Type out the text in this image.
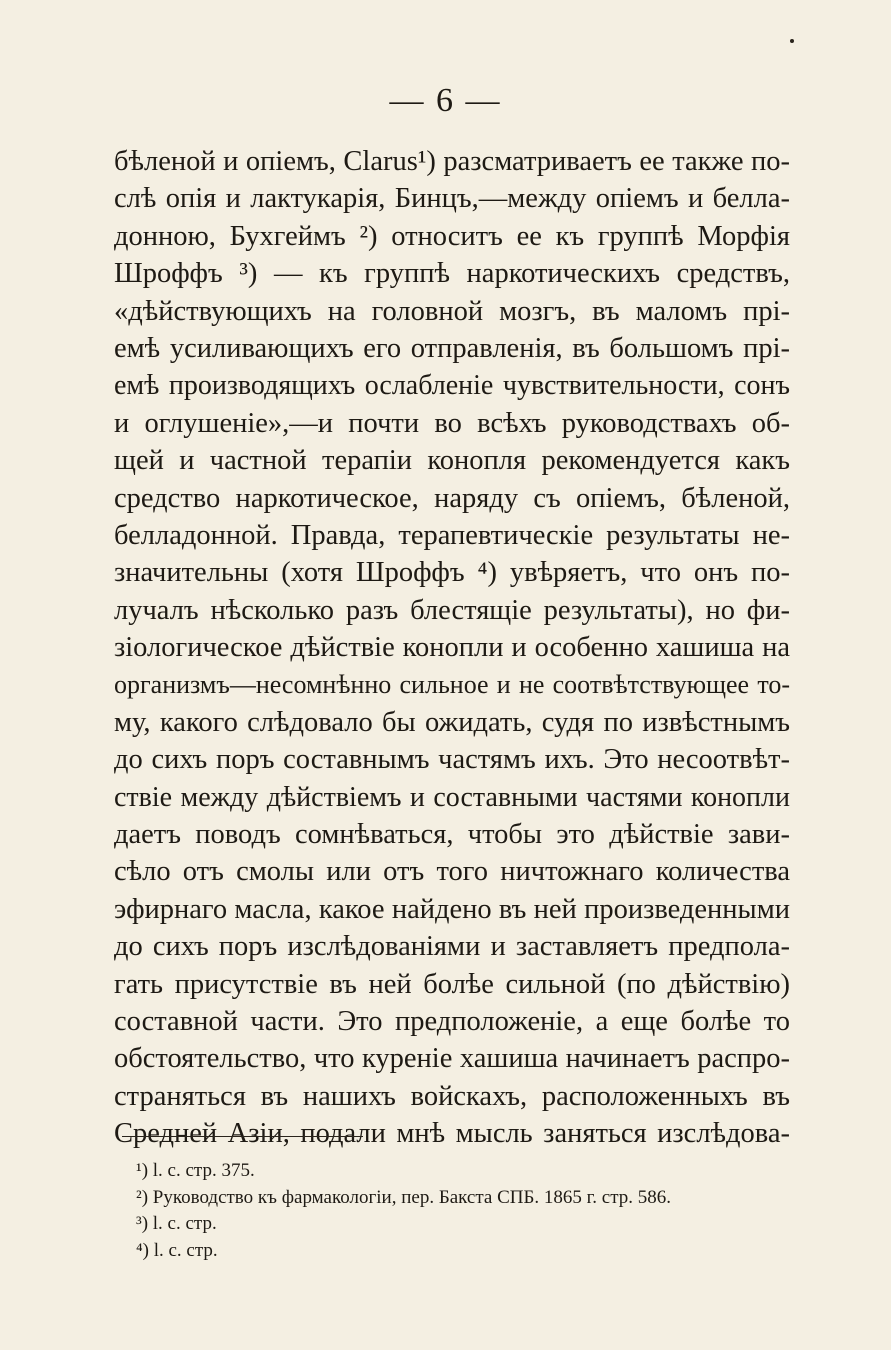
— 6 —
бѣленой и опіемъ, Clarus¹) разсматриваетъ ее также по-
слѣ опія и лактукарія, Бинцъ,—между опіемъ и белла-
донною, Бухгеймъ ²) относитъ ее къ группѣ Морфія
Шроффъ ³) — къ группѣ наркотическихъ средствъ,
«дѣйствующихъ на головной мозгъ, въ маломъ прі-
емѣ усиливающихъ его отправленія, въ большомъ прі-
емѣ производящихъ ослабленіе чувствительности, сонъ
и оглушеніе»,—и почти во всѣхъ руководствахъ об-
щей и частной терапіи конопля рекомендуется какъ
средство наркотическое, наряду съ опіемъ, бѣленой,
белладонной. Правда, терапевтическіе результаты не-
значительны (хотя Шроффъ ⁴) увѣряетъ, что онъ по-
лучалъ нѣсколько разъ блестящіе результаты), но фи-
зіологическое дѣйствіе конопли и особенно хашиша на
организмъ—несомнѣнно сильное и не соотвѣтствующее то-
му, какого слѣдовало бы ожидать, судя по извѣстнымъ
до сихъ поръ составнымъ частямъ ихъ. Это несоотвѣт-
ствіе между дѣйствіемъ и составными частями конопли
даетъ поводъ сомнѣваться, чтобы это дѣйствіе зави-
сѣло отъ смолы или отъ того ничтожнаго количества
эфирнаго масла, какое найдено въ ней произведенными
до сихъ поръ изслѣдованіями и заставляетъ предпола-
гать присутствіе въ ней болѣе сильной (по дѣйствію)
составной части. Это предположеніе, а еще болѣе то
обстоятельство, что куреніе хашиша начинаетъ распро-
страняться въ нашихъ войскахъ, расположенныхъ въ
Средней Азіи, подали мнѣ мысль заняться изслѣдова-
¹) l. c. стр. 375.
²) Руководство къ фармакологіи, пер. Бакста СПБ. 1865 г. стр. 586.
³) l. c. стр.
⁴) l. c. стр.
